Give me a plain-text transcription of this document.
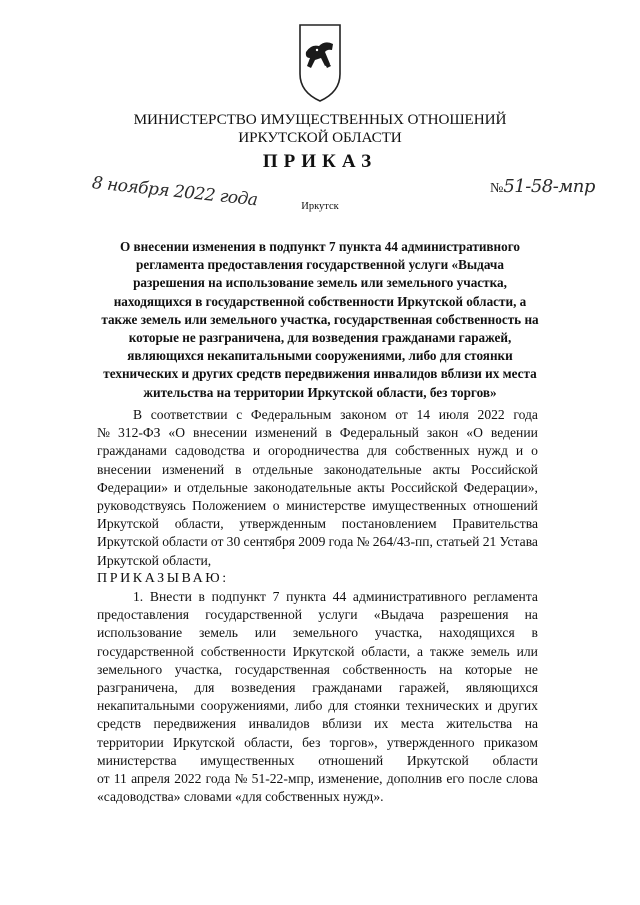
МИНИСТЕРСТВО ИМУЩЕСТВЕННЫХ ОТНОШЕНИЙ
ИРКУТСКОЙ ОБЛАСТИ
ПРИКАЗ
8 ноября 2022 года	№51-58-мпр
Иркутск
О внесении изменения в подпункт 7 пункта 44 административного
регламента предоставления государственной услуги «Выдача
разрешения на использование земель или земельного участка,
находящихся в государственной собственности Иркутской области, а
также земель или земельного участка, государственная собственность на
которые не разграничена, для возведения гражданами гаражей,
являющихся некапитальными сооружениями, либо для стоянки
технических и других средств передвижения инвалидов вблизи их места
жительства на территории Иркутской области, без торгов»
В соответствии с Федеральным законом от 14 июля 2022 года
№ 312-ФЗ «О внесении изменений в Федеральный закон «О ведении
гражданами садоводства и огородничества для собственных нужд и о
внесении изменений в отдельные законодательные акты Российской
Федерации» и отдельные законодательные акты Российской Федерации»,
руководствуясь Положением о министерстве имущественных отношений
Иркутской области, утвержденным постановлением Правительства
Иркутской области от 30 сентября 2009 года № 264/43-пп, статьей 21 Устава
Иркутской области,
ПРИКАЗЫВАЮ:
1. Внести в подпункт 7 пункта 44 административного регламента
предоставления государственной услуги «Выдача разрешения на
использование земель или земельного участка, находящихся в
государственной собственности Иркутской области, а также земель или
земельного участка, государственная собственность на которые не
разграничена, для возведения гражданами гаражей, являющихся
некапитальными сооружениями, либо для стоянки технических и других
средств передвижения инвалидов вблизи их места жительства на
территории Иркутской области, без торгов», утвержденного приказом
министерства имущественных отношений Иркутской области
от 11 апреля 2022 года № 51-22-мпр, изменение, дополнив его после слова
«садоводства» словами «для собственных нужд».
